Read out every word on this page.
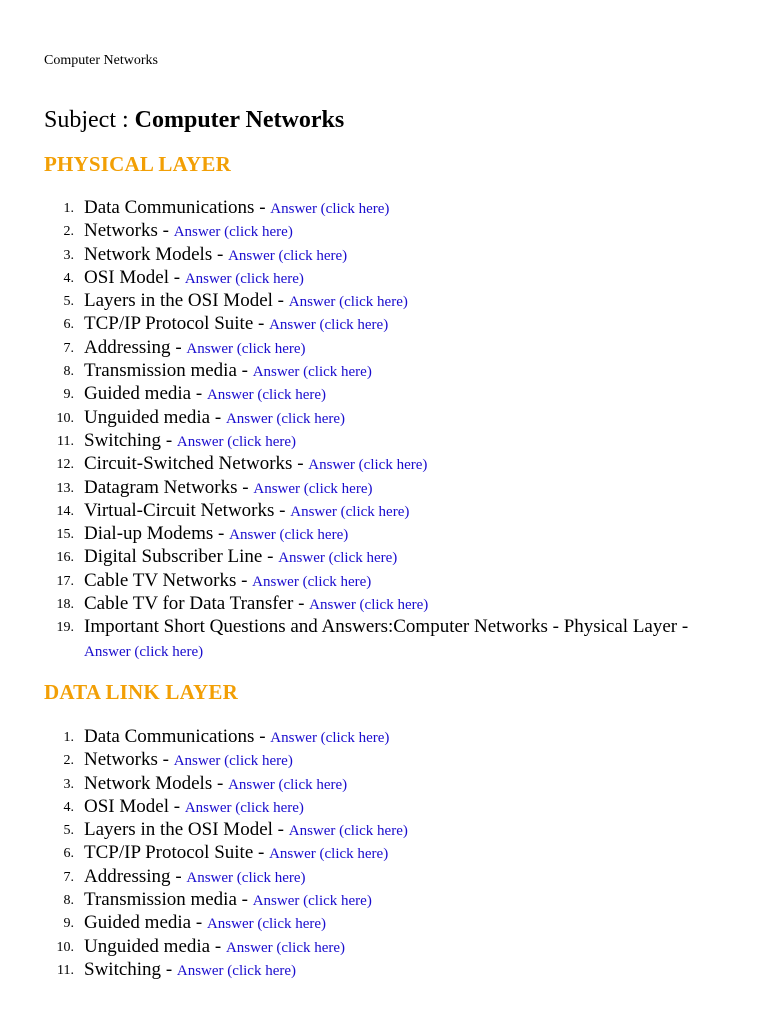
Computer Networks
Subject : Computer Networks
PHYSICAL LAYER
1. Data Communications - Answer (click here)
2. Networks - Answer (click here)
3. Network Models - Answer (click here)
4. OSI Model - Answer (click here)
5. Layers in the OSI Model - Answer (click here)
6. TCP/IP Protocol Suite - Answer (click here)
7. Addressing - Answer (click here)
8. Transmission media - Answer (click here)
9. Guided media - Answer (click here)
10. Unguided media - Answer (click here)
11. Switching - Answer (click here)
12. Circuit-Switched Networks - Answer (click here)
13. Datagram Networks - Answer (click here)
14. Virtual-Circuit Networks - Answer (click here)
15. Dial-up Modems - Answer (click here)
16. Digital Subscriber Line - Answer (click here)
17. Cable TV Networks - Answer (click here)
18. Cable TV for Data Transfer - Answer (click here)
19. Important Short Questions and Answers:Computer Networks - Physical Layer - Answer (click here)
DATA LINK LAYER
1. Data Communications - Answer (click here)
2. Networks - Answer (click here)
3. Network Models - Answer (click here)
4. OSI Model - Answer (click here)
5. Layers in the OSI Model - Answer (click here)
6. TCP/IP Protocol Suite - Answer (click here)
7. Addressing - Answer (click here)
8. Transmission media - Answer (click here)
9. Guided media - Answer (click here)
10. Unguided media - Answer (click here)
11. Switching - Answer (click here)
